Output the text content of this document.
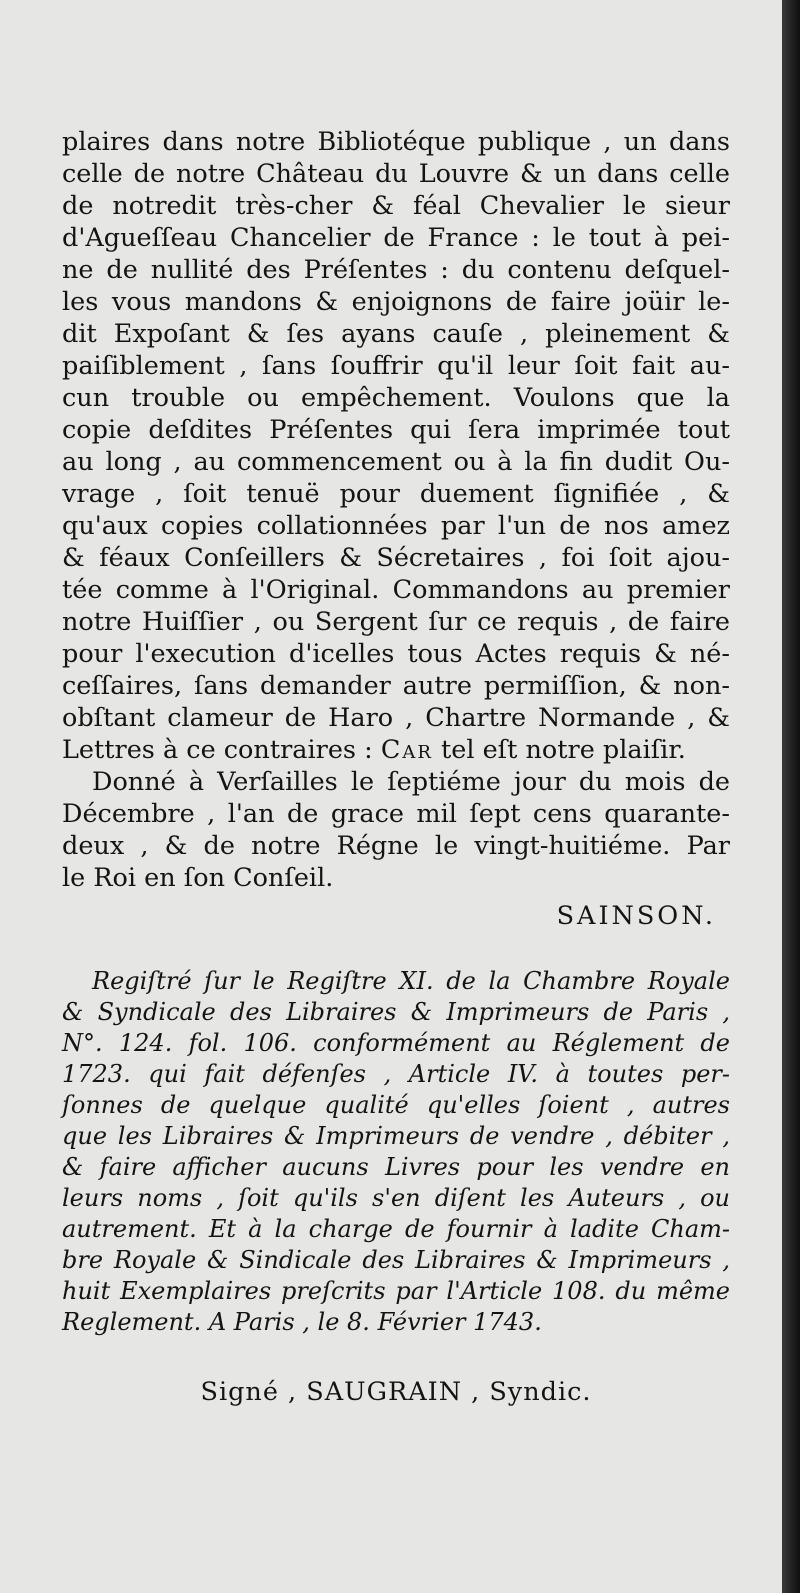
plaires dans notre Bibliotéque publique , un dans
celle de notre Château du Louvre & un dans celle
de notredit très-cher & féal Chevalier le sieur
d'Agueſſeau Chancelier de France : le tout à pei-
ne de nullité des Préſentes : du contenu deſquel-
les vous mandons & enjoignons de faire joüir le-
dit Expoſant & ſes ayans cauſe , pleinement &
paiſiblement , ſans ſouffrir qu'il leur ſoit fait au-
cun trouble ou empêchement. Voulons que la
copie deſdites Préſentes qui ſera imprimée tout
au long , au commencement ou à la fin dudit Ou-
vrage , ſoit tenuë pour duement ſignifiée , &
qu'aux copies collationnées par l'un de nos amez
& féaux Conſeillers & Sécretaires , foi ſoit ajou-
tée comme à l'Original. Commandons au premier
notre Huiſſier , ou Sergent ſur ce requis , de faire
pour l'execution d'icelles tous Actes requis & né-
ceſſaires, ſans demander autre permiſſion, & non-
obſtant clameur de Haro , Chartre Normande , &
Lettres à ce contraires : Car tel eſt notre plaiſir.
Donné à Verſailles le ſeptiéme jour du mois de
Décembre , l'an de grace mil ſept cens quarante-
deux , & de notre Régne le vingt-huitiéme. Par
le Roi en ſon Conſeil.
SAINSON.
Regiſtré ſur le Regiſtre XI. de la Chambre Royale
& Syndicale des Libraires & Imprimeurs de Paris ,
N°. 124. fol. 106. conformément au Réglement de
1723. qui fait défenſes , Article IV. à toutes per-
ſonnes de quelque qualité qu'elles ſoient , autres
que les Libraires & Imprimeurs de vendre , débiter ,
& faire afficher aucuns Livres pour les vendre en
leurs noms , ſoit qu'ils s'en diſent les Auteurs , ou
autrement. Et à la charge de fournir à ladite Cham-
bre Royale & Sindicale des Libraires & Imprimeurs ,
huit Exemplaires preſcrits par l'Article 108. du même
Reglement. A Paris , le 8. Février 1743.
Signé , SAUGRAIN , Syndic.
